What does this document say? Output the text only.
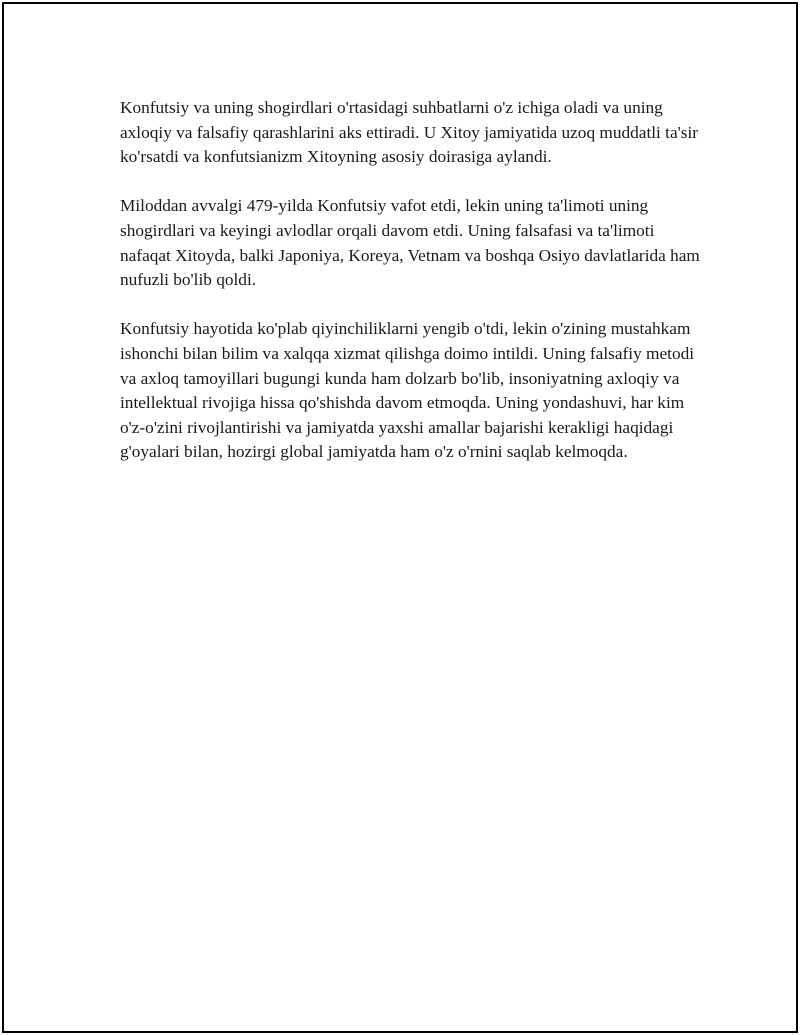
Konfutsiy va uning shogirdlari o'rtasidagi suhbatlarni o'z ichiga oladi va uning axloqiy va falsafiy qarashlarini aks ettiradi. U Xitoy jamiyatida uzoq muddatli ta'sir ko'rsatdi va konfutsianizm Xitoyning asosiy doirasiga aylandi.

Miloddan avvalgi 479-yilda Konfutsiy vafot etdi, lekin uning ta'limoti uning shogirdlari va keyingi avlodlar orqali davom etdi. Uning falsafasi va ta'limoti nafaqat Xitoyda, balki Japoniya, Koreya, Vetnam va boshqa Osiyo davlatlarida ham nufuzli bo'lib qoldi.

Konfutsiy hayotida ko'plab qiyinchiliklarni yengib o'tdi, lekin o'zining mustahkam ishonchi bilan bilim va xalqqa xizmat qilishga doimo intildi. Uning falsafiy metodi va axloq tamoyillari bugungi kunda ham dolzarb bo'lib, insoniyatning axloqiy va intellektual rivojiga hissa qo'shishda davom etmoqda. Uning yondashuvi, har kim o'z-o'zini rivojlantirishi va jamiyatda yaxshi amallar bajarishi kerakligi haqidagi g'oyalari bilan, hozirgi global jamiyatda ham o'z o'rnini saqlab kelmoqda.
